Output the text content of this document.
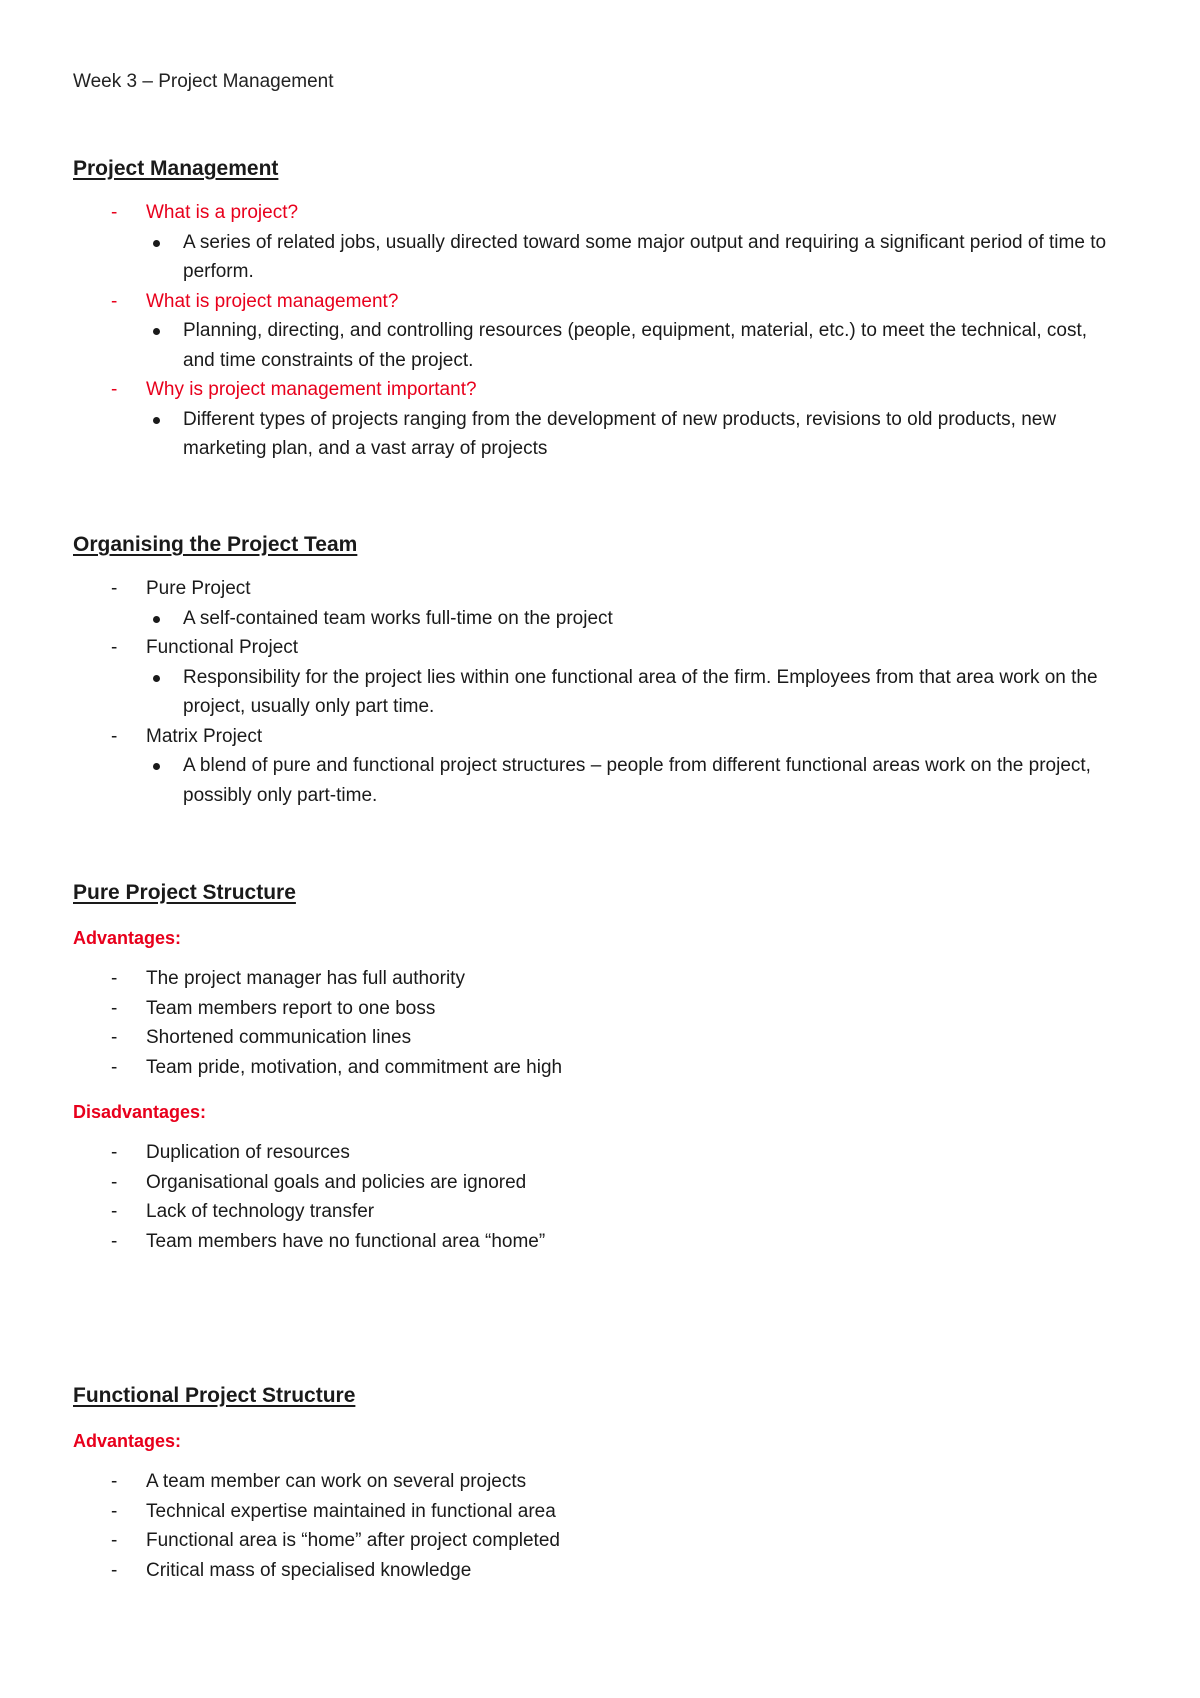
Week 3 – Project Management

Project Management
- What is a project?
A series of related jobs, usually directed toward some major output and requiring a significant period of time to perform.
- What is project management?
Planning, directing, and controlling resources (people, equipment, material, etc.) to meet the technical, cost, and time constraints of the project.
- Why is project management important?
Different types of projects ranging from the development of new products, revisions to old products, new marketing plan, and a vast array of projects
Organising the Project Team
- Pure Project
A self-contained team works full-time on the project
- Functional Project
Responsibility for the project lies within one functional area of the firm. Employees from that area work on the project, usually only part time.
- Matrix Project
A blend of pure and functional project structures – people from different functional areas work on the project, possibly only part-time.
Pure Project Structure

Advantages:

- The project manager has full authority
- Team members report to one boss
- Shortened communication lines
- Team pride, motivation, and commitment are high

Disadvantages:

- Duplication of resources
- Organisational goals and policies are ignored
- Lack of technology transfer
- Team members have no functional area “home”
Functional Project Structure

Advantages:

- A team member can work on several projects
- Technical expertise maintained in functional area
- Functional area is “home” after project completed
- Critical mass of specialised knowledge
